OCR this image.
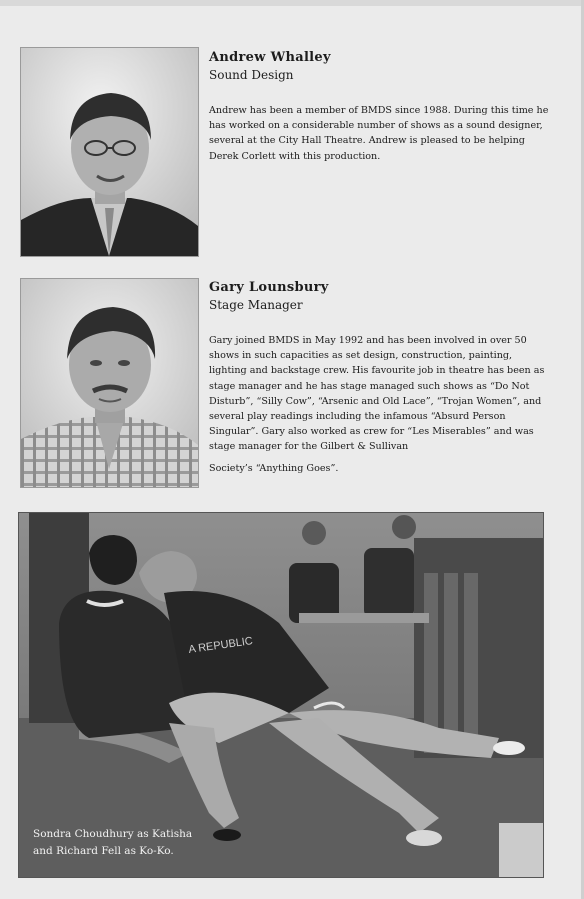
Andrew Whalley
Sound Design

Andrew has been a member of BMDS since 1988. During this time he has worked on a considerable number of shows as a sound designer, several at the City Hall Theatre. Andrew is pleased to be helping Derek Corlett with this production.

Gary Lounsbury
Stage Manager

Gary joined BMDS in May 1992 and has been involved in over 50 shows in such capacities as set design, construction, painting, lighting and backstage crew. His favourite job in theatre has been as stage manager and he has stage managed such shows as “Do Not Disturb”, “Silly Cow”, “Arsenic and Old Lace”, “Trojan Women”, and several play readings including the infamous “Absurd Person Singular”. Gary also worked as crew for “Les Miserables” and was stage manager for the Gilbert & Sullivan

Society’s “Anything Goes”.

A REPUBLIC
Sondra Choudhury as Katisha
and Richard Fell as Ko-Ko.
